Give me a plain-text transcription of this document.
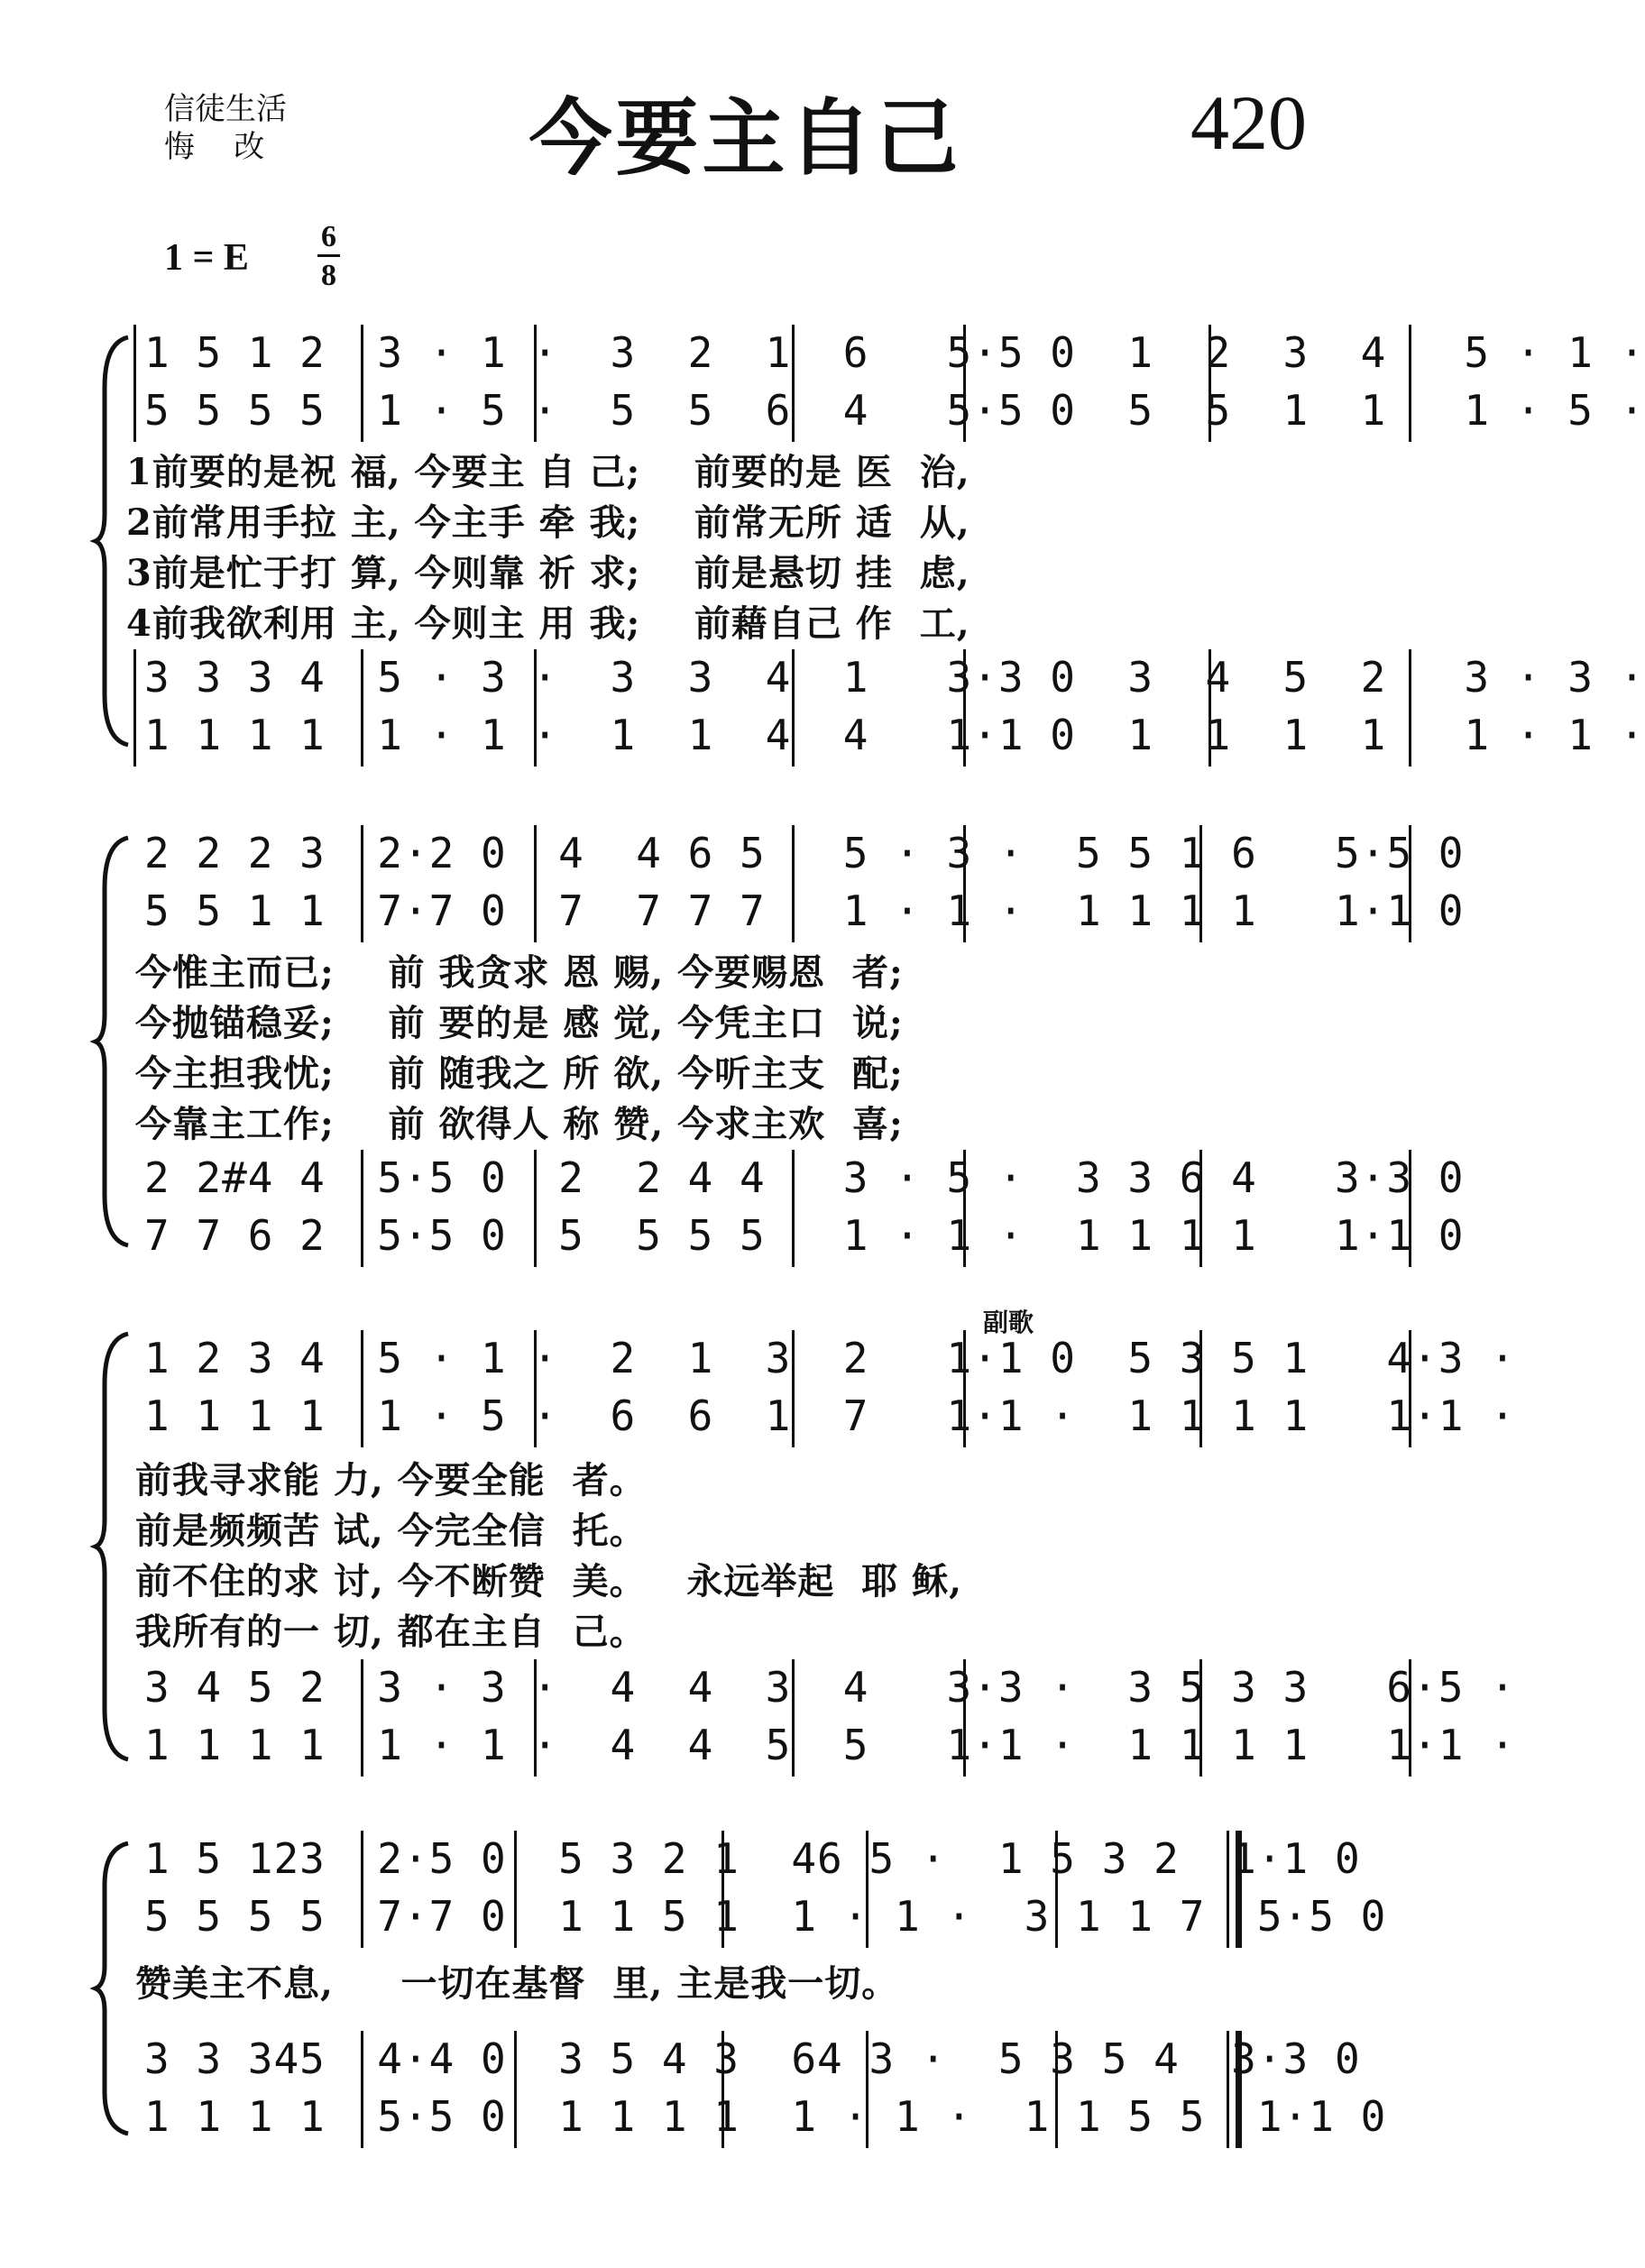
信徒生活
悔    改	今要主自己	420
1 = E $\frac{6}{8}$
1 5 1 2  3 · 1 ·  3  2  1  6   5·5 0  1  2  3  4   5 · 1 ·
5 5 5 5  1 · 5 ·  5  5  6  4   5·5 0  5  5  1  1   1 · 5 ·
1前要的是祝 福, 今要主 自 己;    前要的是 医  治,
2前常用手拉 主, 今主手 牵 我;    前常无所 适  从,
3前是忙于打 算, 今则靠 祈 求;    前是悬切 挂  虑,
4前我欲利用 主, 今则主 用 我;    前藉自己 作  工,
3 3 3 4  5 · 3 ·  3  3  4  1   3·3 0  3  4  5  2   3 · 3 ·
1 1 1 1  1 · 1 ·  1  1  4  4   1·1 0  1  1  1  1   1 · 1 ·
2 2 2 3  2·2 0  4  4 6 5   5 · 3 ·  5 5 1 6   5·5 0
5 5 1 1  7·7 0  7  7 7 7   1 · 1 ·  1 1 1 1   1·1 0
今惟主而已;    前 我贪求 恩 赐, 今要赐恩  者;
今抛锚稳妥;    前 要的是 感 觉, 今凭主口  说;
今主担我忧;    前 随我之 所 欲, 今听主支  配;
今靠主工作;    前 欲得人 称 赞, 今求主欢  喜;
2 2#4 4  5·5 0  2  2 4 4   3 · 5 ·  3 3 6 4   3·3 0
7 7 6 2  5·5 0  5  5 5 5   1 · 1 ·  1 1 1 1   1·1 0
副歌
1 2 3 4  5 · 1 ·  2  1  3  2   1·1 0  5 3 5 1   4·3 ·
1 1 1 1  1 · 5 ·  6  6  1  7   1·1 ·  1 1 1 1   1·1 ·
前我寻求能 力, 今要全能  者。
前是频频苦 试, 今完全信  托。
前不住的求 讨, 今不断赞  美。   永远举起  耶 稣,
我所有的一 切, 都在主自  己。
3 4 5 2  3 · 3 ·  4  4  3  4   3·3 ·  3 5 3 3   6·5 ·
1 1 1 1  1 · 1 ·  4  4  5  5   1·1 ·  1 1 1 1   1·1 ·
1 5 123  2·5 0  5 3 2 1  46 5 ·  1 5 3 2  1·1 0
5 5 5 5  7·7 0  1 1 5 1  1 · 1 ·  3 1 1 7  5·5 0
赞美主不息,     一切在基督  里, 主是我一切。
3 3 345  4·4 0  3 5 4 3  64 3 ·  5 3 5 4  3·3 0
1 1 1 1  5·5 0  1 1 1 1  1 · 1 ·  1 1 5 5  1·1 0
